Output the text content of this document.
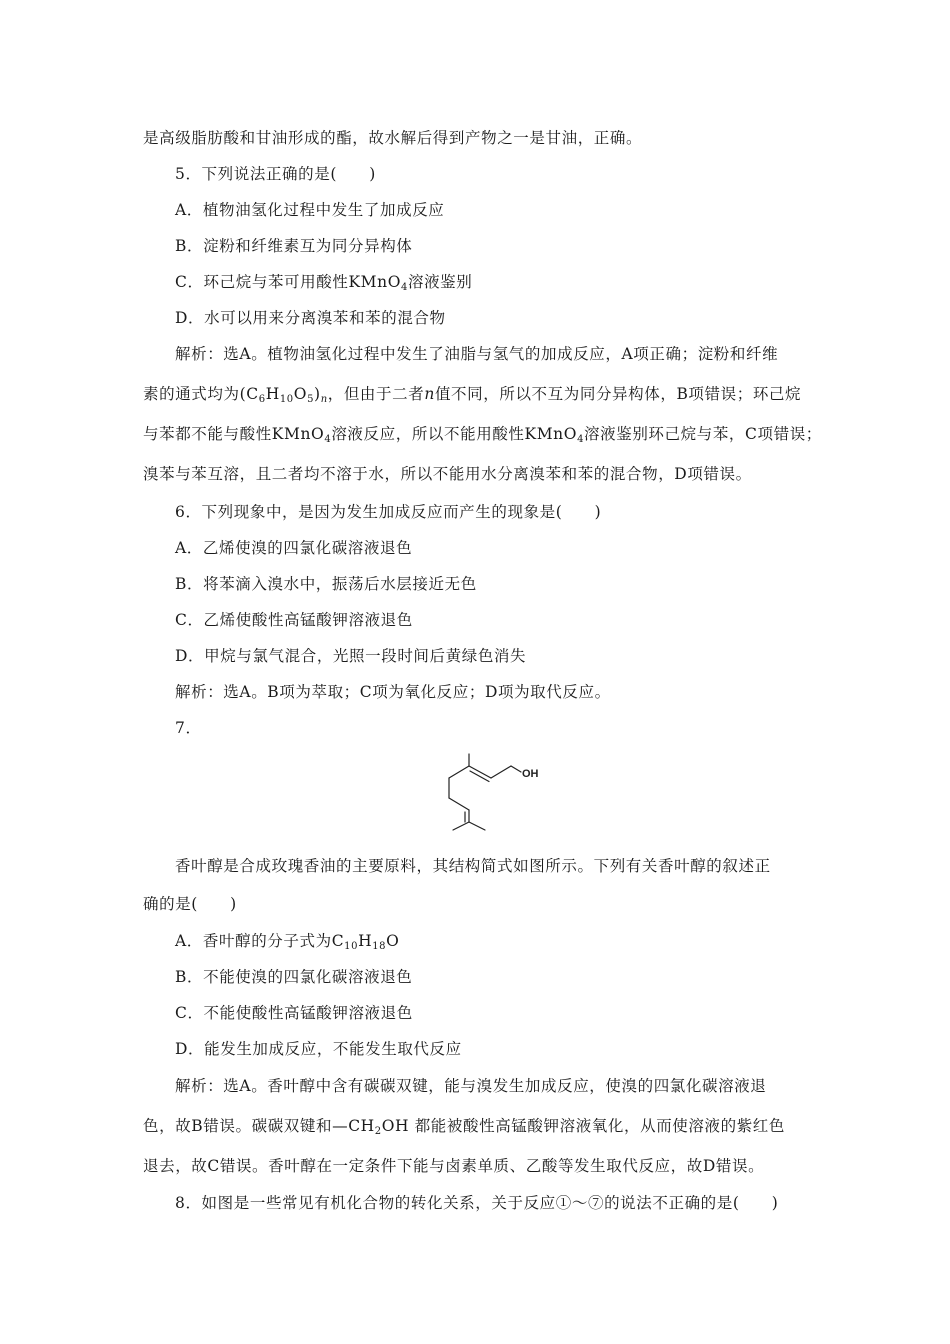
是高级脂肪酸和甘油形成的酯，故水解后得到产物之一是甘油，正确。
5．下列说法正确的是(　　)
A．植物油氢化过程中发生了加成反应
B．淀粉和纤维素互为同分异构体
C．环己烷与苯可用酸性KMnO$_4$溶液鉴别
D．水可以用来分离溴苯和苯的混合物
解析：选A。植物油氢化过程中发生了油脂与氢气的加成反应，A项正确；淀粉和纤维
素的通式均为$(C_6H_{10}O_5)_n$，但由于二者n值不同，所以不互为同分异构体，B项错误；环己烷
与苯都不能与酸性KMnO$_4$溶液反应，所以不能用酸性KMnO$_4$溶液鉴别环己烷与苯，C项错误；
溴苯与苯互溶，且二者均不溶于水，所以不能用水分离溴苯和苯的混合物，D项错误。
6．下列现象中，是因为发生加成反应而产生的现象是(　　)
A．乙烯使溴的四氯化碳溶液退色
B．将苯滴入溴水中，振荡后水层接近无色
C．乙烯使酸性高锰酸钾溶液退色
D．甲烷与氯气混合，光照一段时间后黄绿色消失
解析：选A。B项为萃取；C项为氧化反应；D项为取代反应。
7．
OH
香叶醇是合成玫瑰香油的主要原料，其结构简式如图所示。下列有关香叶醇的叙述正
确的是(　　)
A．香叶醇的分子式为$C_{10}H_{18}O$
B．不能使溴的四氯化碳溶液退色
C．不能使酸性高锰酸钾溶液退色
D．能发生加成反应，不能发生取代反应
解析：选A。香叶醇中含有碳碳双键，能与溴发生加成反应，使溴的四氯化碳溶液退
色，故B错误。碳碳双键和$—CH_2OH$ 都能被酸性高锰酸钾溶液氧化，从而使溶液的紫红色
退去，故C错误。香叶醇在一定条件下能与卤素单质、乙酸等发生取代反应，故D错误。
8．如图是一些常见有机化合物的转化关系，关于反应①～⑦的说法不正确的是(　　)
